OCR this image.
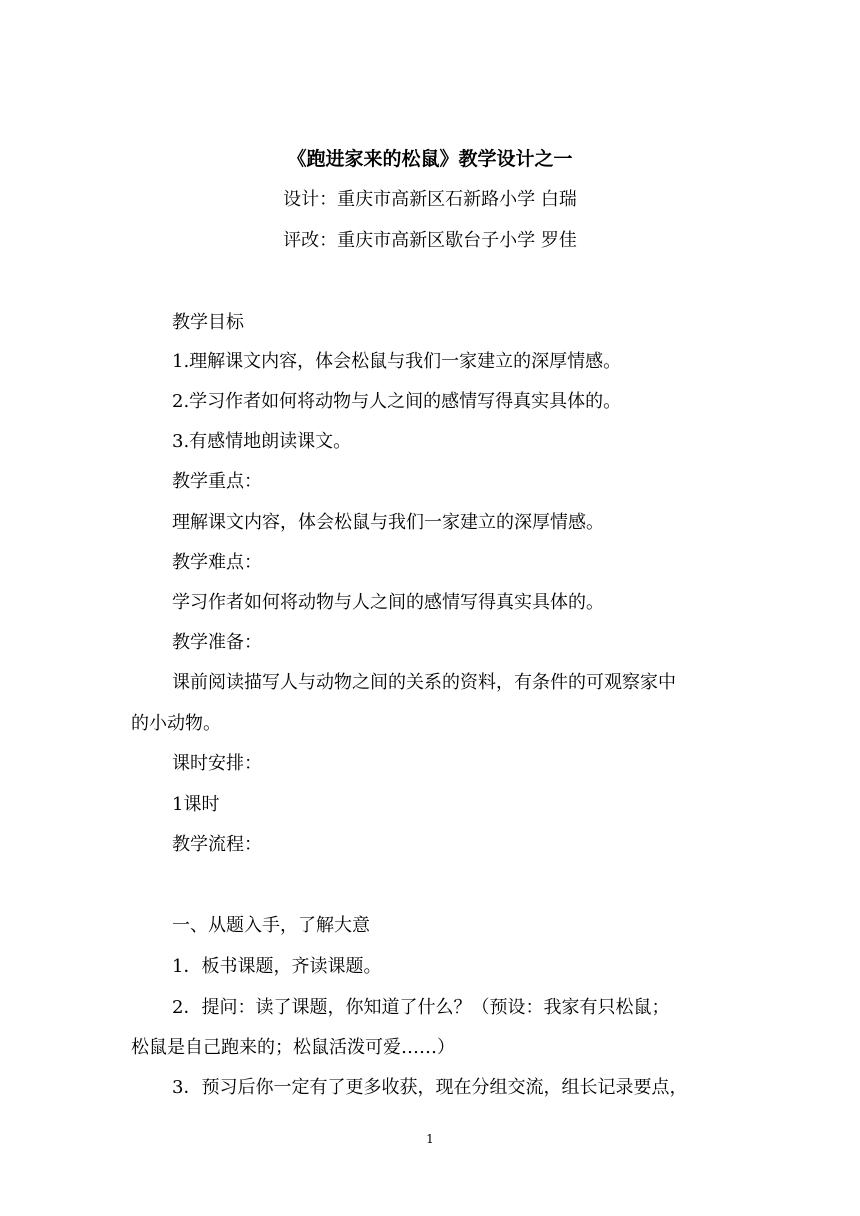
《跑进家来的松鼠》教学设计之一
设计：重庆市高新区石新路小学 白瑞
评改：重庆市高新区歇台子小学 罗佳
教学目标
1.理解课文内容，体会松鼠与我们一家建立的深厚情感。
2.学习作者如何将动物与人之间的感情写得真实具体的。
3.有感情地朗读课文。
教学重点：
理解课文内容，体会松鼠与我们一家建立的深厚情感。
教学难点：
学习作者如何将动物与人之间的感情写得真实具体的。
教学准备：
课前阅读描写人与动物之间的关系的资料，有条件的可观察家中
的小动物。
课时安排：
1课时
教学流程：
一、从题入手，了解大意
1．板书课题，齐读课题。
2．提问：读了课题，你知道了什么？（预设：我家有只松鼠；
松鼠是自己跑来的；松鼠活泼可爱……）
3．预习后你一定有了更多收获，现在分组交流，组长记录要点，
1
